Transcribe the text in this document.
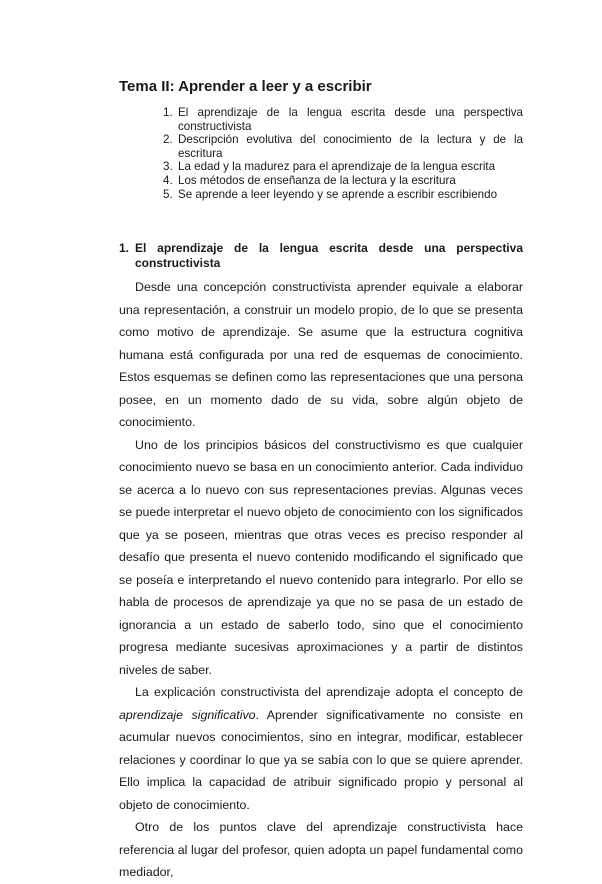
Tema II: Aprender a leer y a escribir
1. El aprendizaje de la lengua escrita desde una perspectiva constructivista
2. Descripción evolutiva del conocimiento de la lectura y de la escritura
3. La edad y la madurez para el aprendizaje de la lengua escrita
4. Los métodos de enseñanza de la lectura y la escritura
5. Se aprende a leer leyendo y se aprende a escribir escribiendo
1. El aprendizaje de la lengua escrita desde una perspectiva constructivista

Desde una concepción constructivista aprender equivale a elaborar una representación, a construir un modelo propio, de lo que se presenta como motivo de aprendizaje. Se asume que la estructura cognitiva humana está configurada por una red de esquemas de conocimiento. Estos esquemas se definen como las representaciones que una persona posee, en un momento dado de su vida, sobre algún objeto de conocimiento.

Uno de los principios básicos del constructivismo es que cualquier conocimiento nuevo se basa en un conocimiento anterior. Cada individuo se acerca a lo nuevo con sus representaciones previas. Algunas veces se puede interpretar el nuevo objeto de conocimiento con los significados que ya se poseen, mientras que otras veces es preciso responder al desafío que presenta el nuevo contenido modificando el significado que se poseía e interpretando el nuevo contenido para integrarlo. Por ello se habla de procesos de aprendizaje ya que no se pasa de un estado de ignorancia a un estado de saberlo todo, sino que el conocimiento progresa mediante sucesivas aproximaciones y a partir de distintos niveles de saber.

La explicación constructivista del aprendizaje adopta el concepto de aprendizaje significativo. Aprender significativamente no consiste en acumular nuevos conocimientos, sino en integrar, modificar, establecer relaciones y coordinar lo que ya se sabía con lo que se quiere aprender. Ello implica la capacidad de atribuir significado propio y personal al objeto de conocimiento.

Otro de los puntos clave del aprendizaje constructivista hace referencia al lugar del profesor, quien adopta un papel fundamental como mediador,
